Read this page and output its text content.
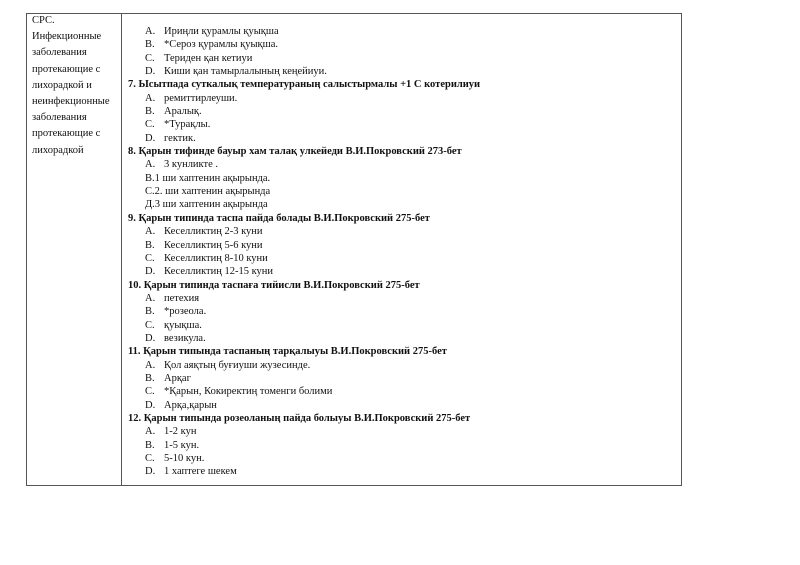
СРС.
Инфекционные
заболевания
протекающие с
лихорадкой и
неинфекционные
заболевания
протекающие с
лихорадкой
A. Ириңли қурамлы қуықша
B. *Сероз қурамлы қуықша.
C. Териден қан кетиуи
D. Киши қан тамырлалының кеңейиуи.
7. Ысытпада суткалық температураның салыстырмалы +1 С котерилиуи
A. ремиттирлеуши.
B. Аралық.
C. *Турақлы.
D. гектик.
8. Қарын тифинде бауыр хам талақ улкейеди В.И.Покровский 273-бет
A. 3 кунликте .
B.1 ши хаптенин ақырында.
C.2. ши хаптенин ақырында
Д.3 ши хаптенин ақырында
9. Қарын типинда таспа пайда болады В.И.Покровский 275-бет
A. Кеселликтиң 2-3 куни
B. Кеселликтиң 5-6 куни
C. Кеселликтиң 8-10 куни
D. Кеселликтиң 12-15 куни
10. Қарын типинда таспаға тийисли В.И.Покровский 275-бет
A. петехия
B. *розеола.
C. қуықша.
D. везикула.
11. Қарын типында таспаның тарқалыуы В.И.Покровский 275-бет
A. Қол аяқтың буғиуши жузесинде.
B. Арқаг
C. *Қарын, Кокиректиң томенги болими
D. Арқа,қарын
12. Қарын типында розеоланың пайда болыуы В.И.Покровский 275-бет
A. 1-2 кун
B. 1-5 кун.
C. 5-10 кун.
D. 1 хаптеге шекем
